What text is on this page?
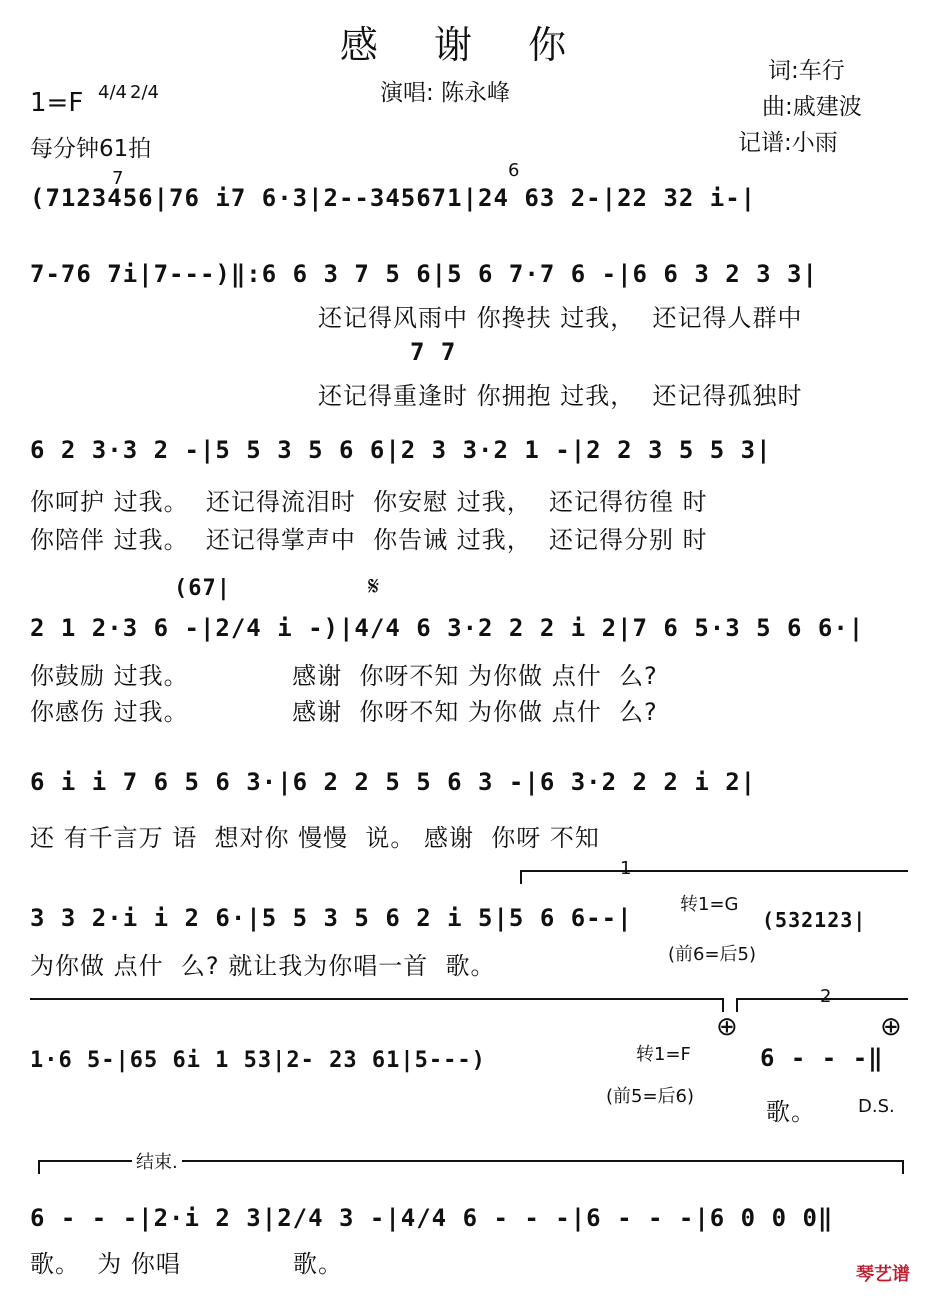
感 谢 你
演唱: 陈永峰
词:车行
曲:戚建波
记谱:小雨
1=F 4/4 2/4
每分钟61拍
7	6
(7123456|76 i7 6·3|2--345671|24 63 2-|22 32 i-|
7-76 7i|7---)‖:6 6 3 7 5 6|5 6 7·7 6 -|6 6 3 2 3 3|
还记得风雨中 你搀扶 过我，  还记得人群中
7 7
还记得重逢时 你拥抱 过我，  还记得孤独时
6 2 3·3 2 -|5 5 3 5 6 6|2 3 3·2 1 -|2 2 3 5 5 3|
你呵护 过我。  还记得流泪时  你安慰 过我，  还记得彷徨 时
你陪伴 过我。  还记得掌声中  你告诫 过我，  还记得分别 时
(67|	𝄋
2 1 2·3 6 -|2/4 i -)|4/4 6 3·2 2 2 i 2|7 6 5·3 5 6 6·|
你鼓励 过我。            感谢  你呀不知 为你做 点什  么?
你感伤 过我。            感谢  你呀不知 为你做 点什  么?
6 i i 7 6 5 6 3·|6 2 2 5 5 6 3 -|6 3·2 2 2 i 2|
还 有千言万 语  想对你 慢慢  说。 感谢  你呀 不知
1
3 3 2·i i 2 6·|5 5 3 5 6 2 i 5|5 6 6--|	转1=G
(532123|
(前6=后5)
为你做 点什  么? 就让我为你唱一首  歌。
2
⊕	⊕
1·6 5-|65 6i 1 53|2- 23 61|5---)	转1=F
(前5=后6)
6 - - -‖
歌。 D.S.
结束.
6 - - -|2·i 2 3|2/4 3 -|4/4 6 - - -|6 - - -|6 0 0 0‖
歌。  为 你唱             歌。	琴艺谱
